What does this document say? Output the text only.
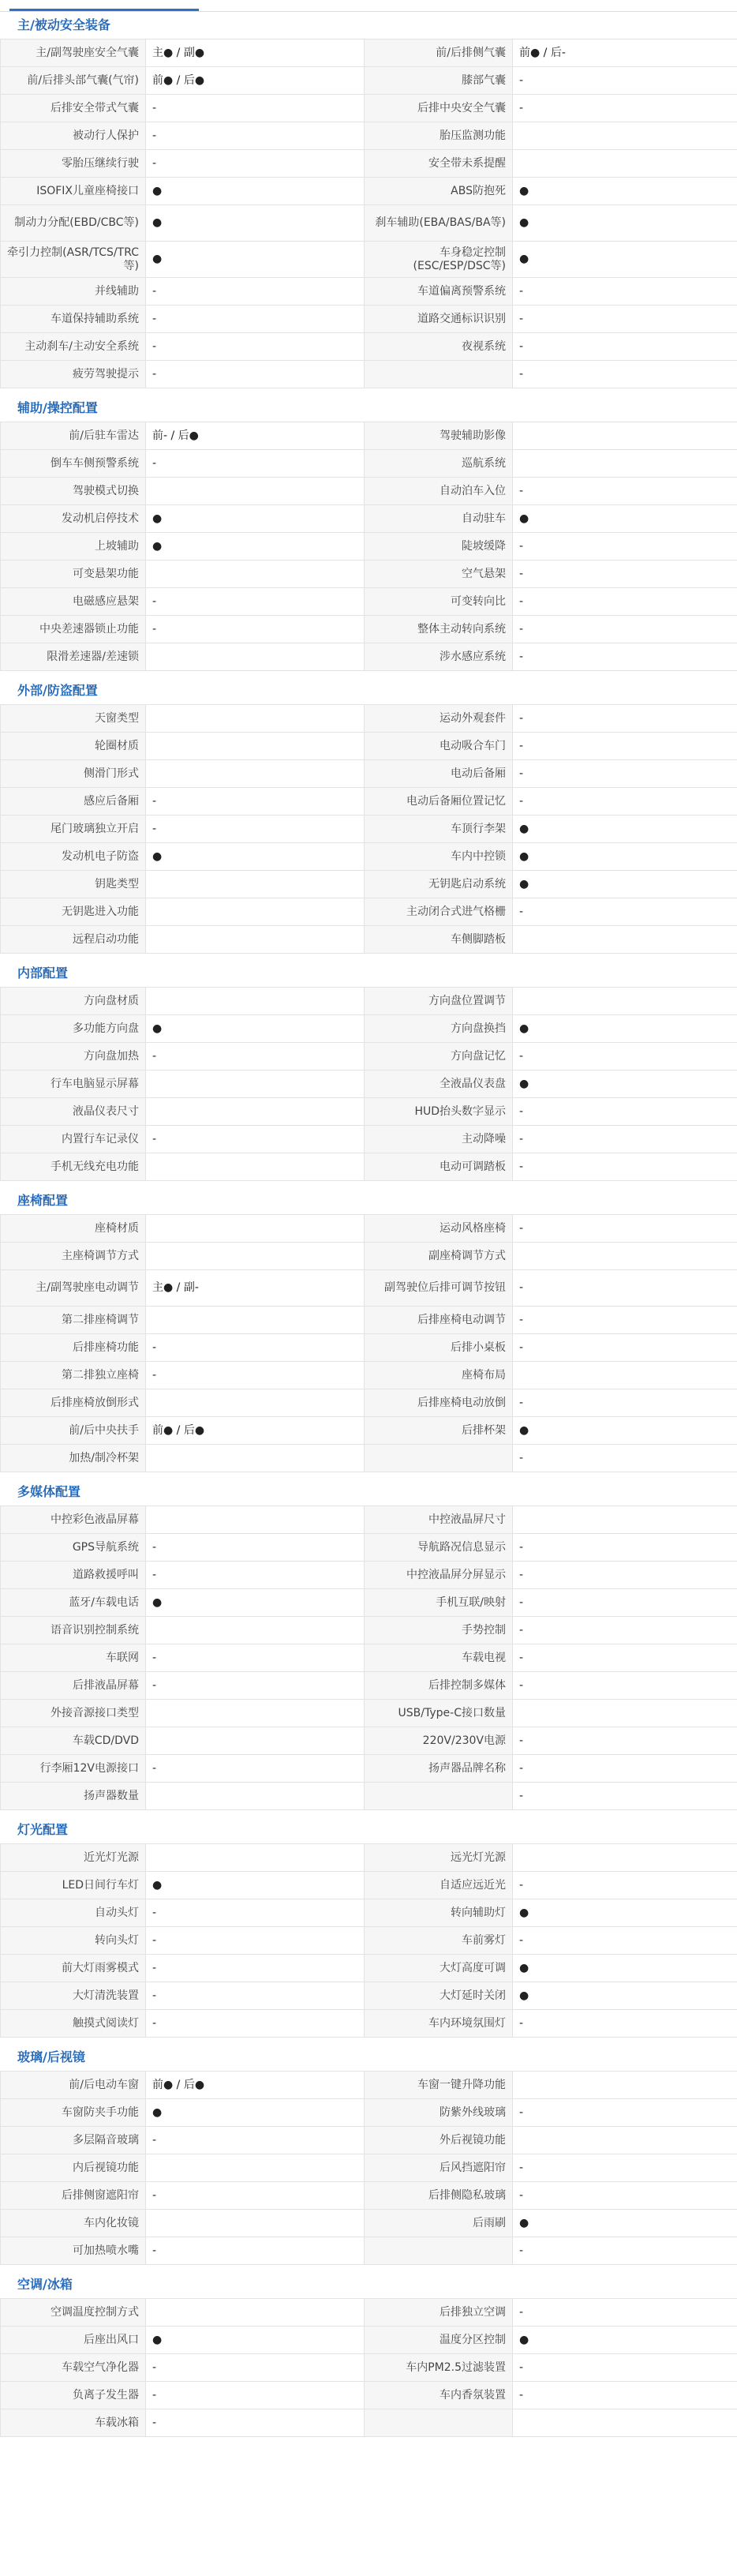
主/被动安全装备
主/副驾驶座安全气囊	主● / 副●	前/后排侧气囊	前● / 后-
前/后排头部气囊(气帘)	前● / 后●	膝部气囊	-
后排安全带式气囊	-	后排中央安全气囊	-
被动行人保护	-	胎压监测功能	
零胎压继续行驶	-	安全带未系提醒	
ISOFIX儿童座椅接口	●	ABS防抱死	●
制动力分配(EBD/CBC等)	●	刹车辅助(EBA/BAS/BA等)	●
牵引力控制(ASR/TCS/TRC等)	●	车身稳定控制(ESC/ESP/DSC等)	●
并线辅助	-	车道偏离预警系统	-
车道保持辅助系统	-	道路交通标识识别	-
主动刹车/主动安全系统	-	夜视系统	-
疲劳驾驶提示	-		-
辅助/操控配置
前/后驻车雷达	前- / 后●	驾驶辅助影像	
倒车车侧预警系统	-	巡航系统	
驾驶模式切换		自动泊车入位	-
发动机启停技术	●	自动驻车	●
上坡辅助	●	陡坡缓降	-
可变悬架功能		空气悬架	-
电磁感应悬架	-	可变转向比	-
中央差速器锁止功能	-	整体主动转向系统	-
限滑差速器/差速锁		涉水感应系统	-
外部/防盗配置
天窗类型		运动外观套件	-
轮圈材质		电动吸合车门	-
侧滑门形式		电动后备厢	-
感应后备厢	-	电动后备厢位置记忆	-
尾门玻璃独立开启	-	车顶行李架	●
发动机电子防盗	●	车内中控锁	●
钥匙类型		无钥匙启动系统	●
无钥匙进入功能		主动闭合式进气格栅	-
远程启动功能		车侧脚踏板	
内部配置
方向盘材质		方向盘位置调节	
多功能方向盘	●	方向盘换挡	●
方向盘加热	-	方向盘记忆	-
行车电脑显示屏幕		全液晶仪表盘	●
液晶仪表尺寸		HUD抬头数字显示	-
内置行车记录仪	-	主动降噪	-
手机无线充电功能		电动可调踏板	-
座椅配置
座椅材质		运动风格座椅	-
主座椅调节方式		副座椅调节方式	
主/副驾驶座电动调节	主● / 副-	副驾驶位后排可调节按钮	-
第二排座椅调节		后排座椅电动调节	-
后排座椅功能	-	后排小桌板	-
第二排独立座椅	-	座椅布局	
后排座椅放倒形式		后排座椅电动放倒	-
前/后中央扶手	前● / 后●	后排杯架	●
加热/制冷杯架			-
多媒体配置
中控彩色液晶屏幕		中控液晶屏尺寸	
GPS导航系统	-	导航路况信息显示	-
道路救援呼叫	-	中控液晶屏分屏显示	-
蓝牙/车载电话	●	手机互联/映射	-
语音识别控制系统		手势控制	-
车联网	-	车载电视	-
后排液晶屏幕	-	后排控制多媒体	-
外接音源接口类型		USB/Type-C接口数量	
车载CD/DVD		220V/230V电源	-
行李厢12V电源接口	-	扬声器品牌名称	-
扬声器数量			-
灯光配置
近光灯光源		远光灯光源	
LED日间行车灯	●	自适应远近光	-
自动头灯	-	转向辅助灯	●
转向头灯	-	车前雾灯	-
前大灯雨雾模式	-	大灯高度可调	●
大灯清洗装置	-	大灯延时关闭	●
触摸式阅读灯	-	车内环境氛围灯	-
玻璃/后视镜
前/后电动车窗	前● / 后●	车窗一键升降功能	
车窗防夹手功能	●	防紫外线玻璃	-
多层隔音玻璃	-	外后视镜功能	
内后视镜功能		后风挡遮阳帘	-
后排侧窗遮阳帘	-	后排侧隐私玻璃	-
车内化妆镜		后雨刷	●
可加热喷水嘴	-		-
空调/冰箱
空调温度控制方式		后排独立空调	-
后座出风口	●	温度分区控制	●
车载空气净化器	-	车内PM2.5过滤装置	-
负离子发生器	-	车内香氛装置	-
车载冰箱	-		
